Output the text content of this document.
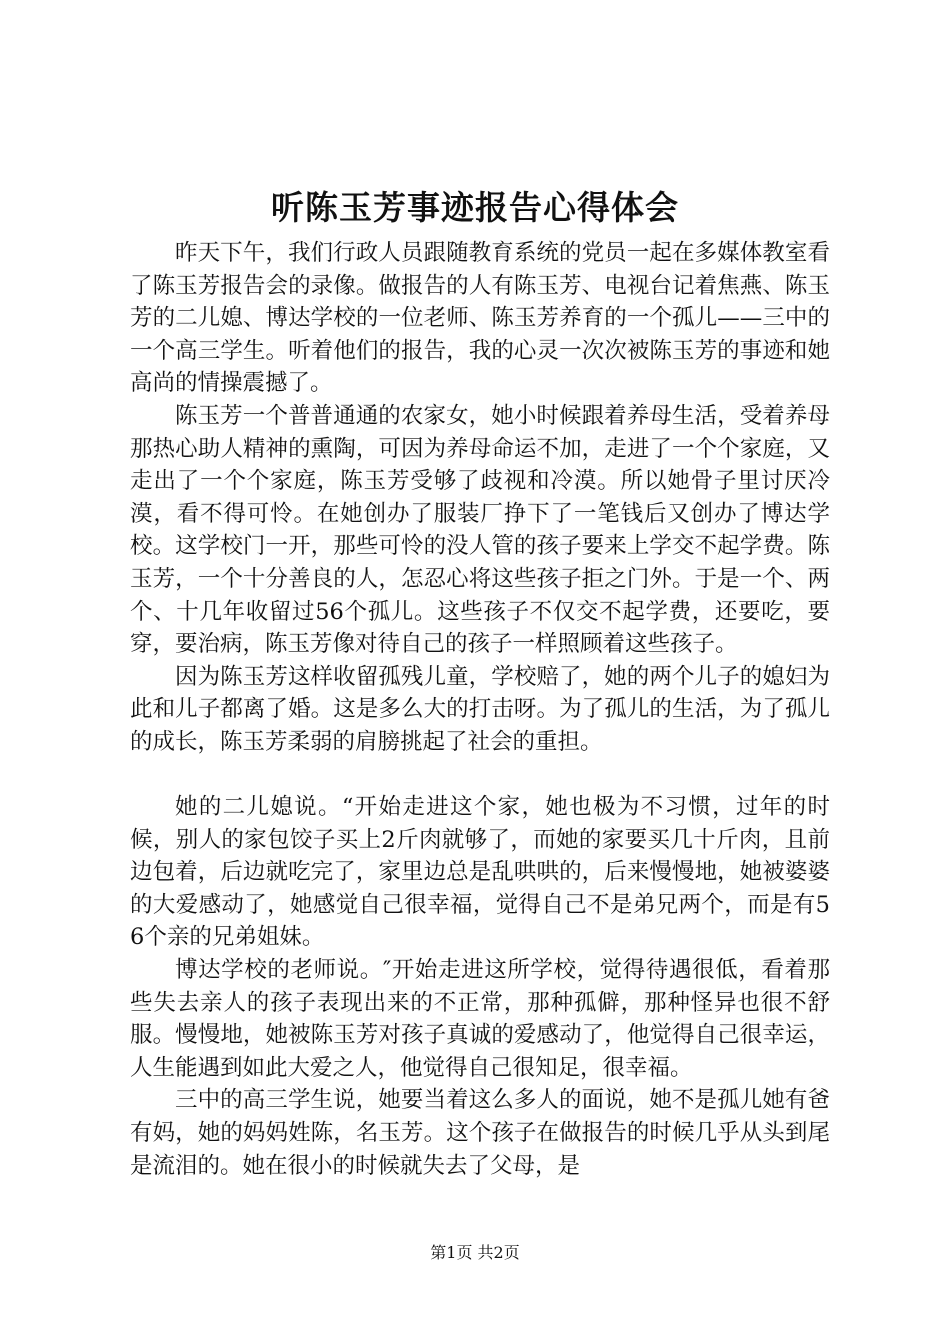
听陈玉芳事迹报告心得体会

昨天下午，我们行政人员跟随教育系统的党员一起在多媒体教室看了陈玉芳报告会的录像。做报告的人有陈玉芳、电视台记着焦燕、陈玉芳的二儿媳、博达学校的一位老师、陈玉芳养育的一个孤儿——三中的一个高三学生。听着他们的报告，我的心灵一次次被陈玉芳的事迹和她高尚的情操震撼了。

陈玉芳一个普普通通的农家女，她小时候跟着养母生活，受着养母那热心助人精神的熏陶，可因为养母命运不加，走进了一个个家庭，又走出了一个个家庭，陈玉芳受够了歧视和冷漠。所以她骨子里讨厌冷漠，看不得可怜。在她创办了服装厂挣下了一笔钱后又创办了博达学校。这学校门一开，那些可怜的没人管的孩子要来上学交不起学费。陈玉芳，一个十分善良的人，怎忍心将这些孩子拒之门外。于是一个、两个、十几年收留过56个孤儿。这些孩子不仅交不起学费，还要吃，要穿，要治病，陈玉芳像对待自己的孩子一样照顾着这些孩子。

因为陈玉芳这样收留孤残儿童，学校赔了，她的两个儿子的媳妇为此和儿子都离了婚。这是多么大的打击呀。为了孤儿的生活，为了孤儿的成长，陈玉芳柔弱的肩膀挑起了社会的重担。

她的二儿媳说。“开始走进这个家，她也极为不习惯，过年的时候，别人的家包饺子买上2斤肉就够了，而她的家要买几十斤肉，且前边包着，后边就吃完了，家里边总是乱哄哄的，后来慢慢地，她被婆婆的大爱感动了，她感觉自己很幸福，觉得自己不是弟兄两个，而是有56个亲的兄弟姐妹。

博达学校的老师说。″开始走进这所学校，觉得待遇很低，看着那些失去亲人的孩子表现出来的不正常，那种孤僻，那种怪异也很不舒服。慢慢地，她被陈玉芳对孩子真诚的爱感动了，他觉得自己很幸运，人生能遇到如此大爱之人，他觉得自己很知足，很幸福。

三中的高三学生说，她要当着这么多人的面说，她不是孤儿她有爸有妈，她的妈妈姓陈，名玉芳。这个孩子在做报告的时候几乎从头到尾是流泪的。她在很小的时候就失去了父母，是

第1页 共2页
